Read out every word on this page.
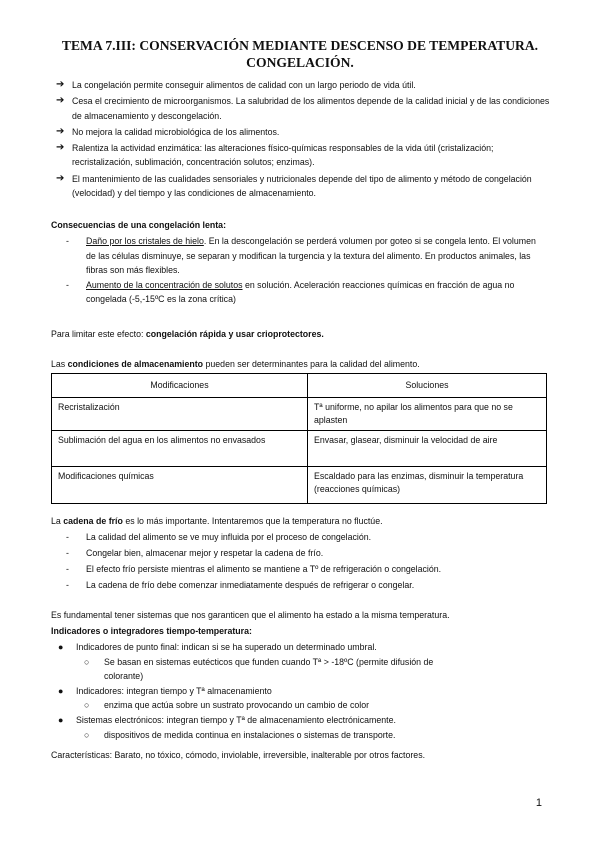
TEMA 7.III: CONSERVACIÓN MEDIANTE DESCENSO DE TEMPERATURA. CONGELACIÓN.
➔ La congelación permite conseguir alimentos de calidad con un largo periodo de vida útil.
➔ Cesa el crecimiento de microorganismos. La salubridad de los alimentos depende de la calidad inicial y de las condiciones de almacenamiento y descongelación.
➔ No mejora la calidad microbiológica de los alimentos.
➔ Ralentiza la actividad enzimática: las alteraciones físico-químicas responsables de la vida útil (cristalización; recristalización, sublimación, concentración solutos; enzimas).
➔ El mantenimiento de las cualidades sensoriales y nutricionales depende del tipo de alimento y método de congelación (velocidad) y del tiempo y las condiciones de almacenamiento.
Consecuencias de una congelación lenta:
- Daño por los cristales de hielo. En la descongelación se perderá volumen por goteo si se congela lento. El volumen de las células disminuye, se separan y modifican la turgencia y la textura del alimento. En productos animales, las fibras son más flexibles.
- Aumento de la concentración de solutos en solución. Aceleración reacciones químicas en fracción de agua no congelada (-5,-15ºC es la zona crítica)
Para limitar este efecto: congelación rápida y usar crioprotectores.
Las condiciones de almacenamiento pueden ser determinantes para la calidad del alimento.
Modificaciones	Soluciones
Recristalización	Tª uniforme, no apilar los alimentos para que no se aplasten
Sublimación del agua en los alimentos no envasados	Envasar, glasear, disminuir la velocidad de aire
Modificaciones químicas	Escaldado para las enzimas, disminuir la temperatura (reacciones químicas)
La cadena de frío es lo más importante. Intentaremos que la temperatura no fluctúe.
- La calidad del alimento se ve muy influida por el proceso de congelación.
- Congelar bien, almacenar mejor y respetar la cadena de frío.
- El efecto frío persiste mientras el alimento se mantiene a Tº de refrigeración o congelación.
- La cadena de frío debe comenzar inmediatamente después de refrigerar o congelar.
Es fundamental tener sistemas que nos garanticen que el alimento ha estado a la misma temperatura.
Indicadores o integradores tiempo-temperatura:
● Indicadores de punto final: indican si se ha superado un determinado umbral.
○ Se basan en sistemas eutécticos que funden cuando Tª > -18ºC (permite difusión de colorante)
● Indicadores: integran tiempo y Tª almacenamiento
○ enzima que actúa sobre un sustrato provocando un cambio de color
● Sistemas electrónicos: integran tiempo y Tª de almacenamiento electrónicamente.
○ dispositivos de medida continua en instalaciones o sistemas de transporte.
Características: Barato, no tóxico, cómodo, inviolable, irreversible, inalterable por otros factores.
1
